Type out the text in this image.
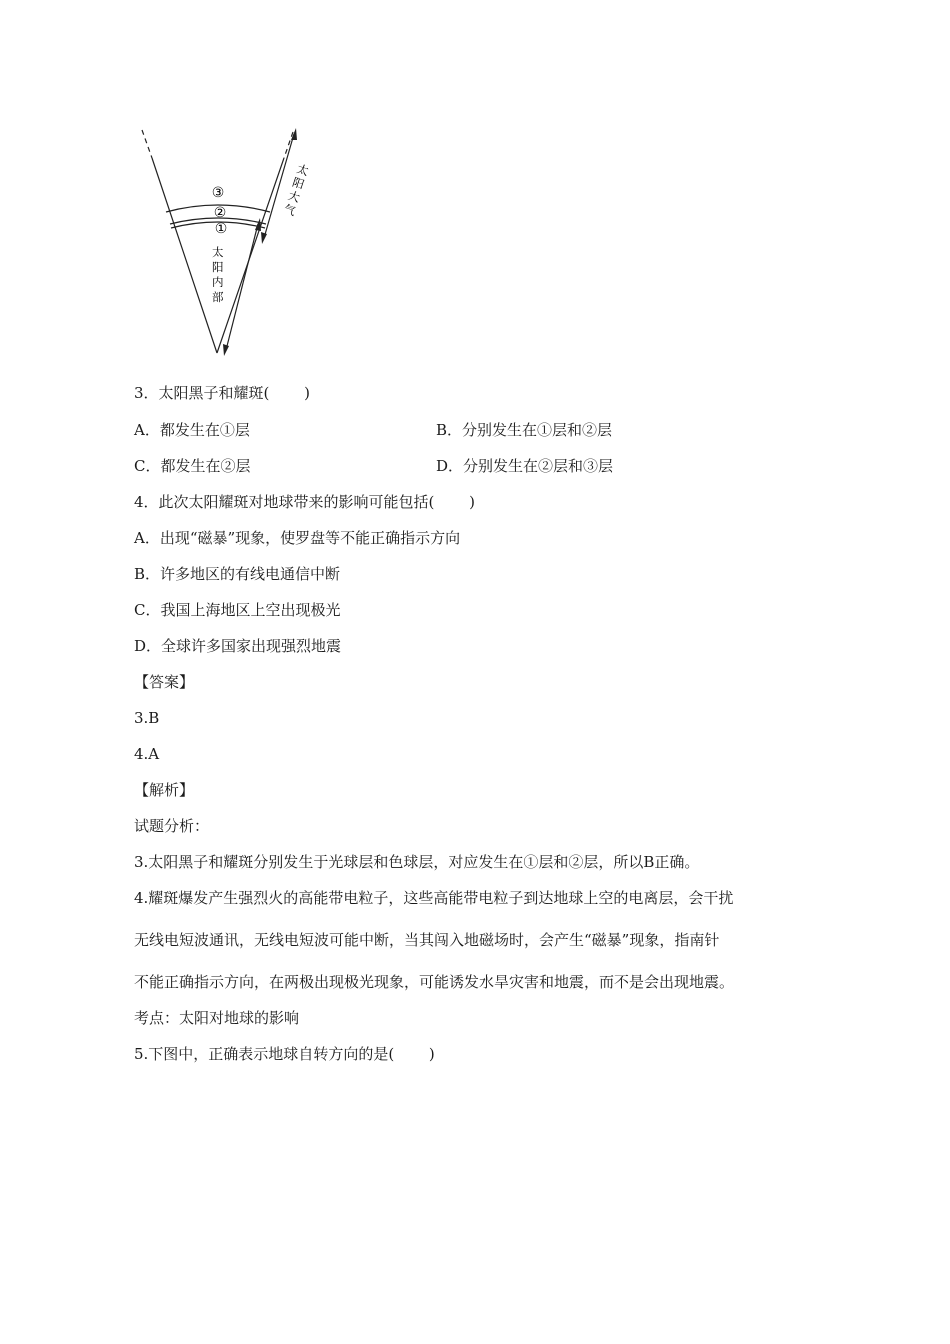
③
②
①
太
阳
大
气
太
阳
内
部
3．太阳黑子和耀斑(　　 )
A．都发生在①层	B．分别发生在①层和②层
C．都发生在②层	D．分别发生在②层和③层
4．此次太阳耀斑对地球带来的影响可能包括(　　 )
A．出现“磁暴”现象，使罗盘等不能正确指示方向
B．许多地区的有线电通信中断
C．我国上海地区上空出现极光
D．全球许多国家出现强烈地震
【答案】
3.B
4.A
【解析】
试题分析：
3.太阳黑子和耀斑分别发生于光球层和色球层，对应发生在①层和②层，所以B正确。
4.耀斑爆发产生强烈火的高能带电粒子，这些高能带电粒子到达地球上空的电离层，会干扰
无线电短波通讯，无线电短波可能中断，当其闯入地磁场时，会产生“磁暴”现象，指南针
不能正确指示方向，在两极出现极光现象，可能诱发水旱灾害和地震，而不是会出现地震。
考点：太阳对地球的影响
5.下图中，正确表示地球自转方向的是(　　 )
